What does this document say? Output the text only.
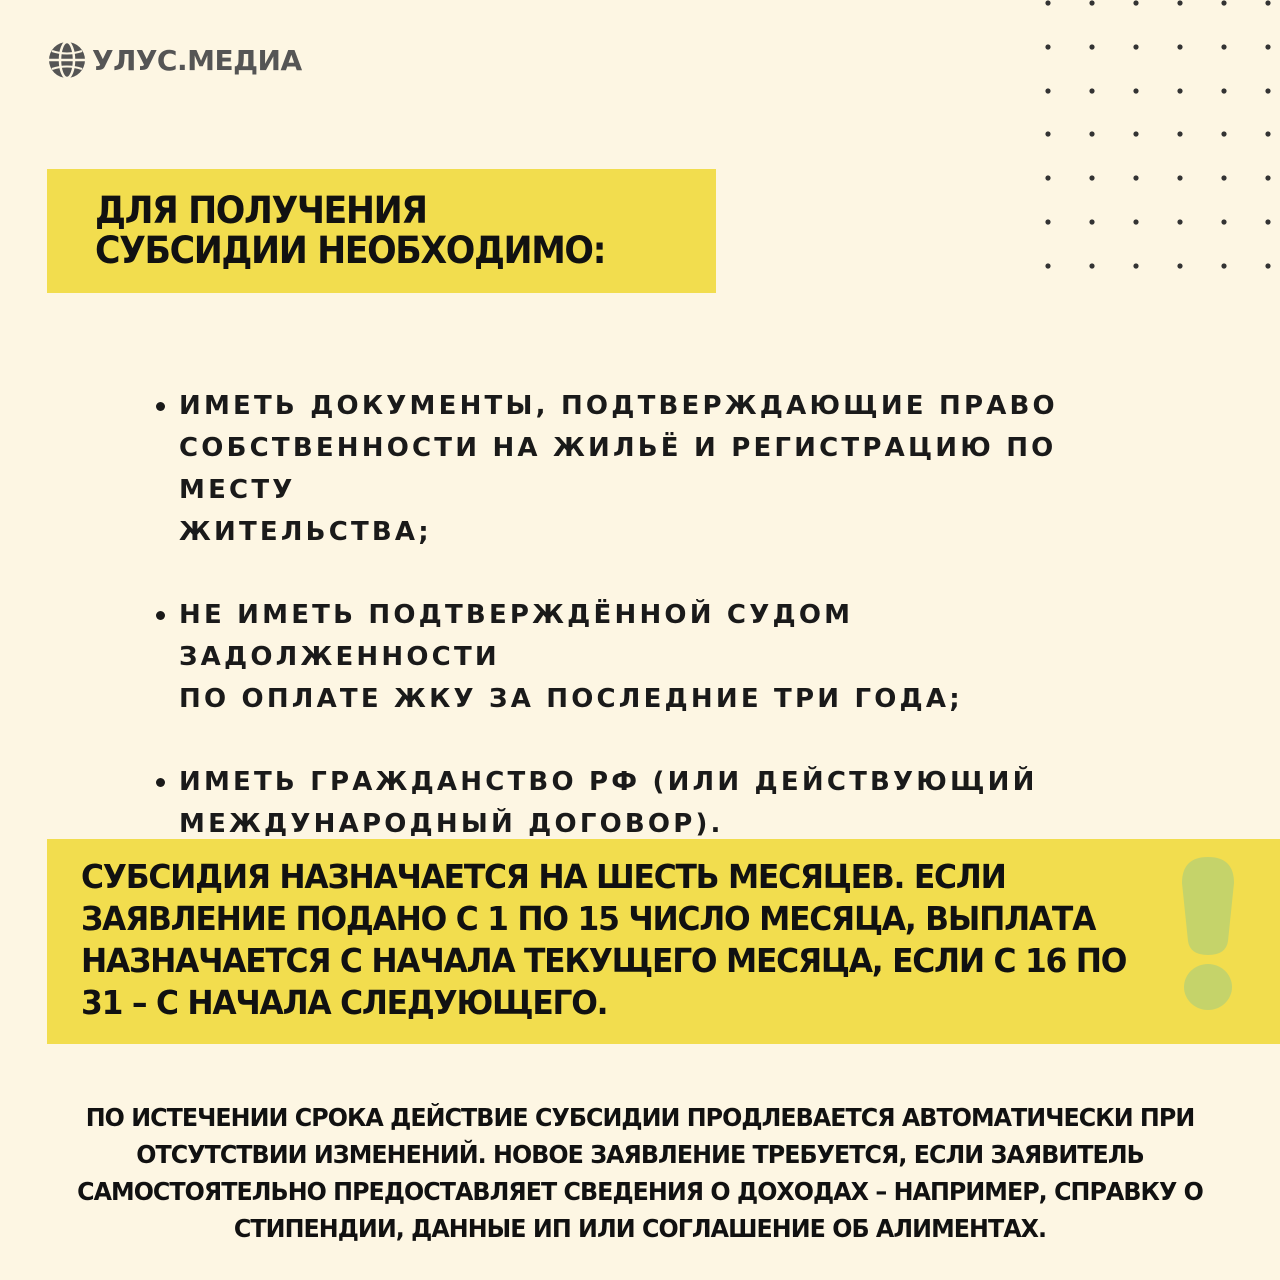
УЛУС.МЕДИА
ДЛЯ ПОЛУЧЕНИЯ
СУБСИДИИ НЕОБХОДИМО:
ИМЕТЬ ДОКУМЕНТЫ, ПОДТВЕРЖДАЮЩИЕ ПРАВО
СОБСТВЕННОСТИ НА ЖИЛЬЁ И РЕГИСТРАЦИЮ ПО МЕСТУ
ЖИТЕЛЬСТВА;
НЕ ИМЕТЬ ПОДТВЕРЖДЁННОЙ СУДОМ ЗАДОЛЖЕННОСТИ
ПО ОПЛАТЕ ЖКУ ЗА ПОСЛЕДНИЕ ТРИ ГОДА;
ИМЕТЬ ГРАЖДАНСТВО РФ (ИЛИ ДЕЙСТВУЮЩИЙ
МЕЖДУНАРОДНЫЙ ДОГОВОР).

СУБСИДИЯ НАЗНАЧАЕТСЯ НА ШЕСТЬ МЕСЯЦЕВ. ЕСЛИ
ЗАЯВЛЕНИЕ ПОДАНО С 1 ПО 15 ЧИСЛО МЕСЯЦА, ВЫПЛАТА
НАЗНАЧАЕТСЯ С НАЧАЛА ТЕКУЩЕГО МЕСЯЦА, ЕСЛИ С 16 ПО
31 – С НАЧАЛА СЛЕДУЮЩЕГО.

ПО ИСТЕЧЕНИИ СРОКА ДЕЙСТВИЕ СУБСИДИИ ПРОДЛЕВАЕТСЯ АВТОМАТИЧЕСКИ ПРИ
ОТСУТСТВИИ ИЗМЕНЕНИЙ. НОВОЕ ЗАЯВЛЕНИЕ ТРЕБУЕТСЯ, ЕСЛИ ЗАЯВИТЕЛЬ
САМОСТОЯТЕЛЬНО ПРЕДОСТАВЛЯЕТ СВЕДЕНИЯ О ДОХОДАХ – НАПРИМЕР, СПРАВКУ О
СТИПЕНДИИ, ДАННЫЕ ИП ИЛИ СОГЛАШЕНИЕ ОБ АЛИМЕНТАХ.
